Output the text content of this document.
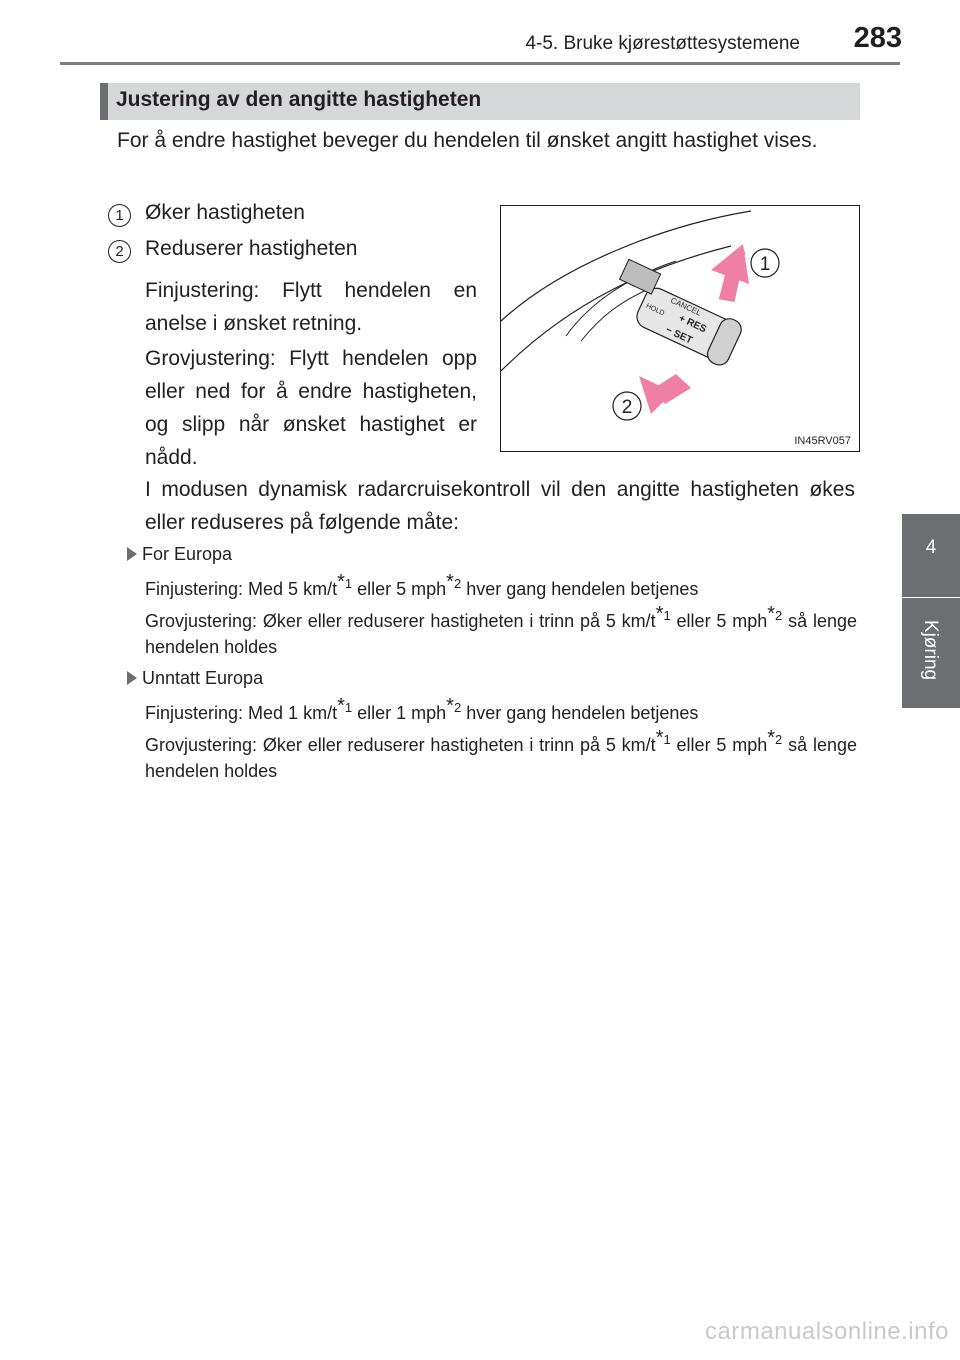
4-5. Bruke kjørestøttesystemene	283
4
Kjøring
Justering av den angitte hastigheten

For å endre hastighet beveger du hendelen til ønsket angitt hastighet vises.

1	Øker hastigheten
2	Reduserer hastigheten

Finjustering: Flytt hendelen en anelse i ønsket retning.

Grovjustering: Flytt hendelen opp eller ned for å endre hastigheten, og slipp når ønsket hastighet er nådd.

CANCEL
+ RES
HOLD
− SET
1
2
IN45RV057

I modusen dynamisk radarcruisekontroll vil den angitte hastigheten økes eller reduseres på følgende måte:

For Europa

Finjustering: Med 5 $km/t^{*1}$ eller 5 mph$^{*2}$ hver gang hendelen betjenes

Grovjustering: Øker eller reduserer hastigheten i trinn på 5 $km/t^{*1}$ eller 5 mph$^{*2}$ så lenge hendelen holdes

Unntatt Europa

Finjustering: Med 1 $km/t^{*1}$ eller 1 mph$^{*2}$ hver gang hendelen betjenes

Grovjustering: Øker eller reduserer hastigheten i trinn på 5 $km/t^{*1}$ eller 5 mph$^{*2}$ så lenge hendelen holdes

carmanualsonline.info
